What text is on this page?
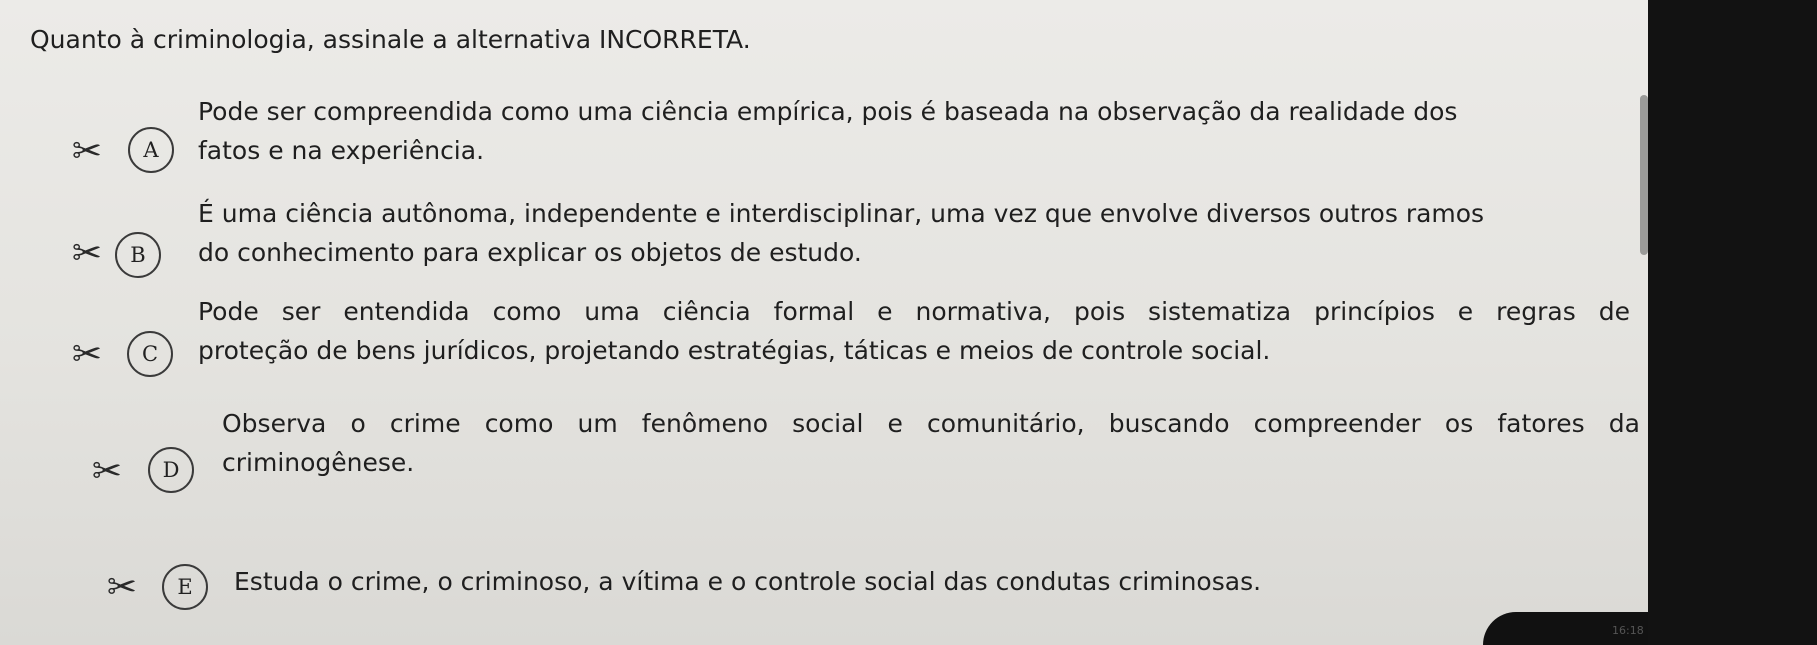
Quanto à criminologia, assinale a alternativa INCORRETA.
✂	A
Pode ser compreendida como uma ciência empírica, pois é baseada na observação da realidade dos
fatos e na experiência.
✂	B
É uma ciência autônoma, independente e interdisciplinar, uma vez que envolve diversos outros ramos
do conhecimento para explicar os objetos de estudo.
✂	C
Pode ser entendida como uma ciência formal e normativa, pois sistematiza princípios e regras de
proteção de bens jurídicos, projetando estratégias, táticas e meios de controle social.
✂	D
Observa o crime como um fenômeno social e comunitário, buscando compreender os fatores da
criminogênese.
✂	E	Estuda o crime, o criminoso, a vítima e o controle social das condutas criminosas.
16:18
